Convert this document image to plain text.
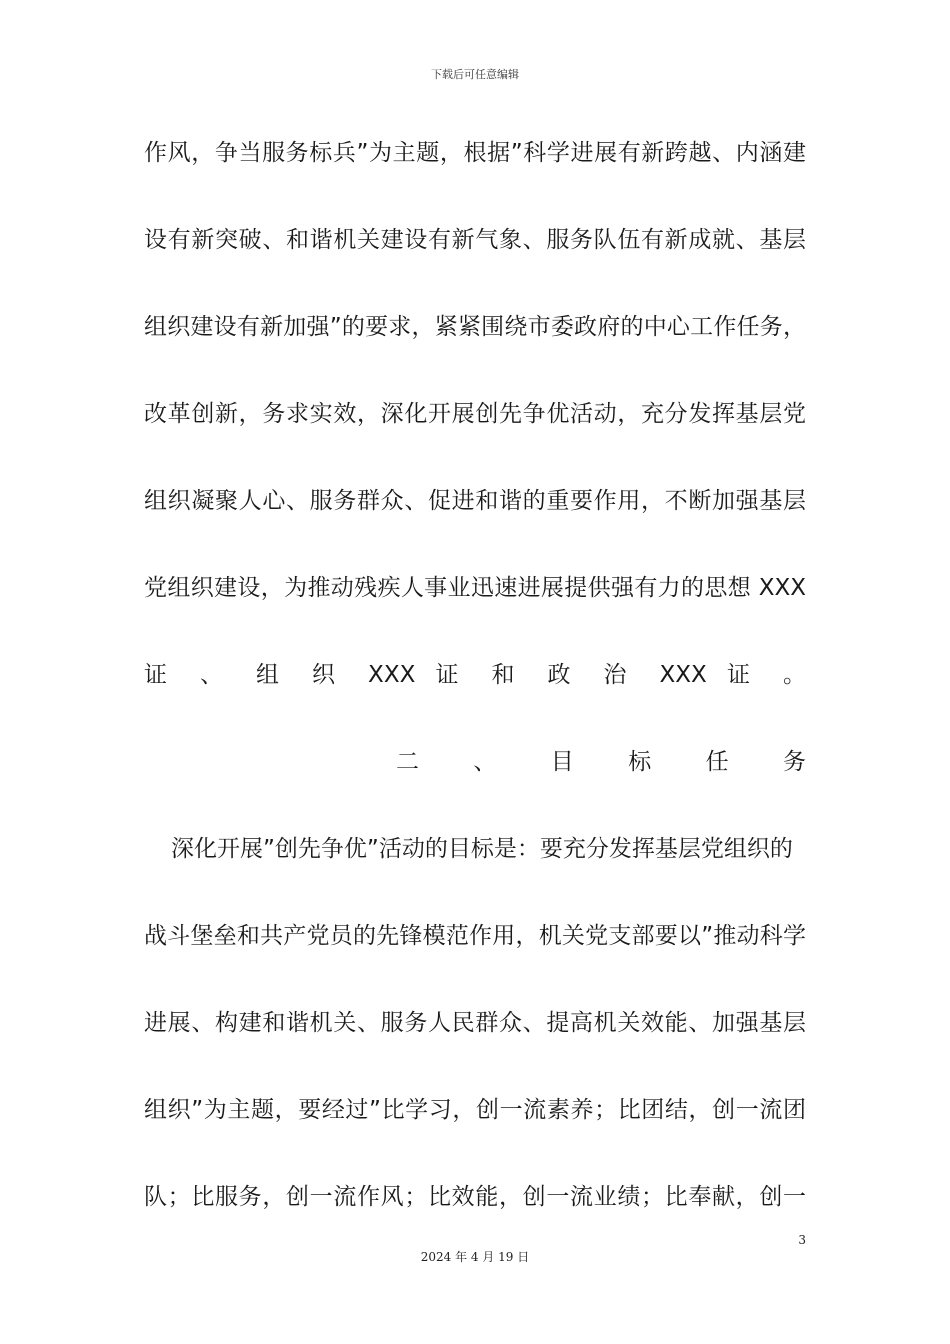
下载后可任意编辑
作风，争当服务标兵”为主题，根据”科学进展有新跨越、内涵建
设有新突破、和谐机关建设有新气象、服务队伍有新成就、基层
组织建设有新加强”的要求，紧紧围绕市委政府的中心工作任务，
改革创新，务求实效，深化开展创先争优活动，充分发挥基层党
组织凝聚人心、服务群众、促进和谐的重要作用，不断加强基层
党组织建设，为推动残疾人事业迅速进展提供强有力的思想 XXX
证 、 组 织 XXX 证 和 政 治 XXX 证 。
二 、 目 标 任 务
深化开展”创先争优”活动的目标是：要充分发挥基层党组织的
战斗堡垒和共产党员的先锋模范作用，机关党支部要以”推动科学
进展、构建和谐机关、服务人民群众、提高机关效能、加强基层
组织”为主题，要经过”比学习，创一流素养；比团结，创一流团
队；比服务，创一流作风；比效能，创一流业绩；比奉献，创一
3
2024 年 4 月 19 日
